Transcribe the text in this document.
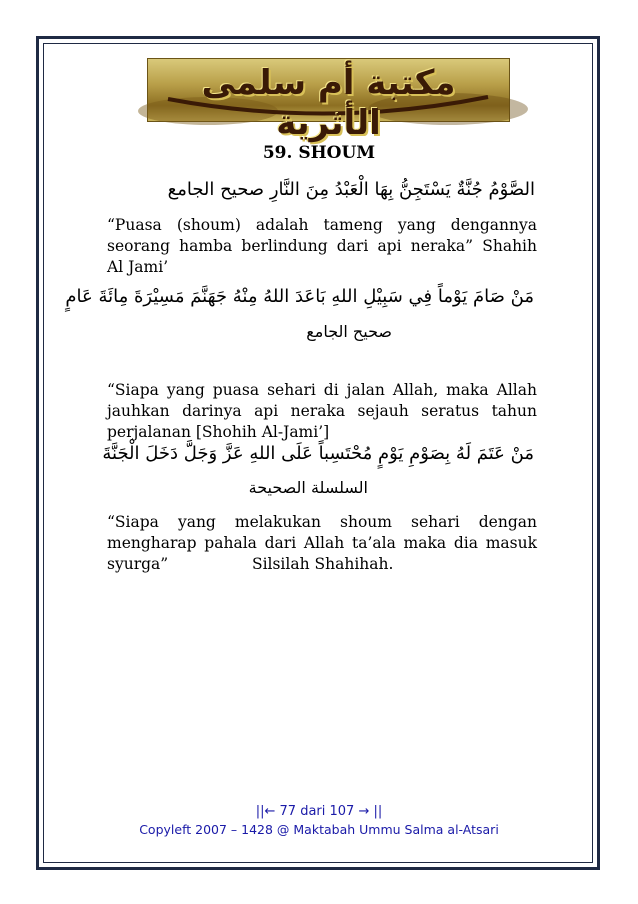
مكتبة أم سلمى الأثرية
59. SHOUM
الصَّوْمُ جُنَّةٌ يَسْتَجِنُّ بِهَا الْعَبْدُ مِنَ النَّارِ صحيح الجامع
“Puasa (shoum) adalah tameng yang dengannya
seorang hamba berlindung dari api neraka” Shahih
Al Jami’
مَنْ صَامَ يَوْماً فِي سَبِيْلِ اللهِ بَاعَدَ اللهُ مِنْهُ جَهَنَّمَ مَسِيْرَةَ مِائَةَ عَامٍ
صحيح الجامع
“Siapa yang puasa sehari di jalan Allah, maka Allah
jauhkan darinya api neraka sejauh seratus tahun
perjalanan [Shohih Al-Jami’]
مَنْ عَتَمَ لَهُ بِصَوْمِ يَوْمٍ مُحْتَسِباً عَلَى اللهِ عَزَّ وَجَلَّ دَخَلَ الْجَنَّةَ
السلسلة الصحيحة
“Siapa yang melakukan shoum sehari dengan
mengharap pahala dari Allah ta’ala maka dia masuk
syurga”                 Silsilah Shahihah.
||← 77 dari 107 → ||
Copyleft 2007 – 1428 @ Maktabah Ummu Salma al-Atsari
